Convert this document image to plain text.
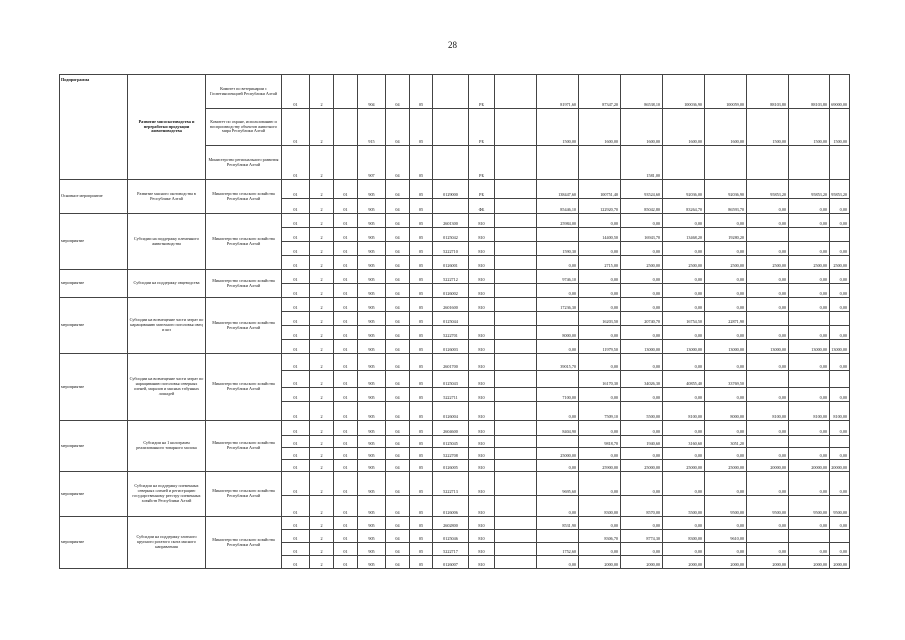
28
Подпрограмма	Развитие мясоскотоводства и переработки продукции животноводства	Комитет по ветеринарии с Госветинспекцией Республики Алтай	01	2		904	04	05		РБ		81971,60	87347,20	86538,10	100036,90	100059,00	88103,80	88103,80	69000,00
		Комитет по охране, использованию и воспроизводству объектов животного мира Республики Алтай	01	2		915	04	05		РБ		1500,00	1600,00	1600,00	1600,00	1600,00	1500,00	1500,00	1500,00
		Министерство регионального развития Республики Алтай	01	2		907	04	05		РБ				1581,00					
Основное мероприятие	Развитие мясного скотоводства в Республике Алтай	Министерство сельского хозяйства Республики Алтай	01	2	01	905	04	05	0129000	РБ		138447,60	100751,40	93524,60	92036,00	92036,90	95853,20	95853,20	95853,20
			01	2	01	905	04	05		ФБ		85446,10	122920,70	85042,80	83264,70	86593,70	0,00	0,00	0,00
мероприятие	Субсидии на поддержку племенного животноводства	Министерство сельского хозяйства Республики Алтай	01	2	01	905	04	05	2601300	810		25984,00	0,00	0,00	0,00	0,00	0,00	0,00	0,00
			01	2	01	905	04	05	0125042	810			14400,50	16943,70	13468,20	19280,20			
			01	2	01	905	04	05	5222710	810		1590,30	0,00	0,00	0,00	0,00	0,00	0,00	0,00
			01	2	01	905	04	05	0126001	810		0,00	2715,00	2500,00	2500,00	2500,00	2500,00	2500,00	2500,00
мероприятие	Субсидии на поддержку овцеводства	Министерство сельского хозяйства Республики Алтай	01	2	01	905	04	05	5222712	810		9746,10	0,00	0,00	0,00	0,00	0,00	0,00	0,00
			01	2	01	905	04	05	0126002	810		0,00	0,00	0,00	0,00	0,00	0,00	0,00	0,00
мероприятие	Субсидии на возмещение части затрат по наращиванию маточного поголовья овец и коз	Министерство сельского хозяйства Республики Алтай	01	2	01	905	04	05	2601600	810		17236,30	0,00	0,00	0,00	0,00	0,00	0,00	0,00
			01	2	01	905	04	05	0125044				16203,50	20740,70	16754,50	22871,90			
			01	2	01	905	04	05	5222701	810		8000,00	0,00	0,00	0,00	0,00	0,00	0,00	0,00
			01	2	01	905	04	05	0126003	810		0,00	11979,50	13000,00	13000,00	13000,00	13000,00	13000,00	13000,00
мероприятие	Субсидии на возмещение части затрат по наращиванию поголовья северных оленей, маралов и мясных табунных лошадей	Министерство сельского хозяйства Республики Алтай	01	2	01	905	04	05	2601700	810		39015,70	0,00	0,00	0,00	0,00	0,00	0,00	0,00
			01	2	01	905	04	05	0125043	810			16170,30	34026,30	40855,40	33769,50			
			01	2	01	905	04	05	5222711	810		7100,00	0,00	0,00	0,00	0,00	0,00	0,00	0,00
			01	2	01	905	04	05	0126004	810		0,00	7509,10	5500,00	8100,00	8000,00	8100,00	8100,00	8100,00
мероприятие	Субсидии на 1 килограмм реализованного товарного молока	Министерство сельского хозяйства Республики Алтай	01	2	01	905	04	05	2604600	810		8404,90	0,00	0,00	0,00	0,00	0,00	0,00	0,00
			01	2	01	905	04	05	0125045	810			9818,70	1940,60	3160,60	3051,20			
			01	2	01	905	04	05	5222708	810		25000,00	0,00	0,00	0,00	0,00	0,00	0,00	0,00
			01	2	01	905	04	05	0126005	810		0,00	25900,00	25000,00	25000,00	25000,00	20000,00	20000,00	20000,00
мероприятие	Субсидии на поддержку племенных северных оленей и регистрацию государственному реестру племенных хозяйств Республики Алтай	Министерство сельского хозяйства Республики Алтай	01	2	01	905	04	05	5222713	810		9695,60	0,00	0,00	0,00	0,00	0,00	0,00	0,00
			01	2	01	905	04	05	0126006	810		0,00	8300,00	8570,00	5500,00	9500,00	9500,00	9500,00	9500,00
мероприятие	Субсидии на поддержку элитного крупного рогатого скота мясного направления	Министерство сельского хозяйства Республики Алтай	01	2	01	905	04	05	2602800	810		8531,90	0,00	0,00	0,00	0,00	0,00	0,00	0,00
			01	2	01	905	04	05	0125046	810			8306,70	8774,30	8300,00	9610,00			
			01	2	01	905	04	05	5222717	810		1752,60	0,00	0,00	0,00	0,00	0,00	0,00	0,00
			01	2	01	905	04	05	0126007	810		0,00	2000,00	2000,00	2000,00	2000,00	2000,00	2000,00	2000,00
